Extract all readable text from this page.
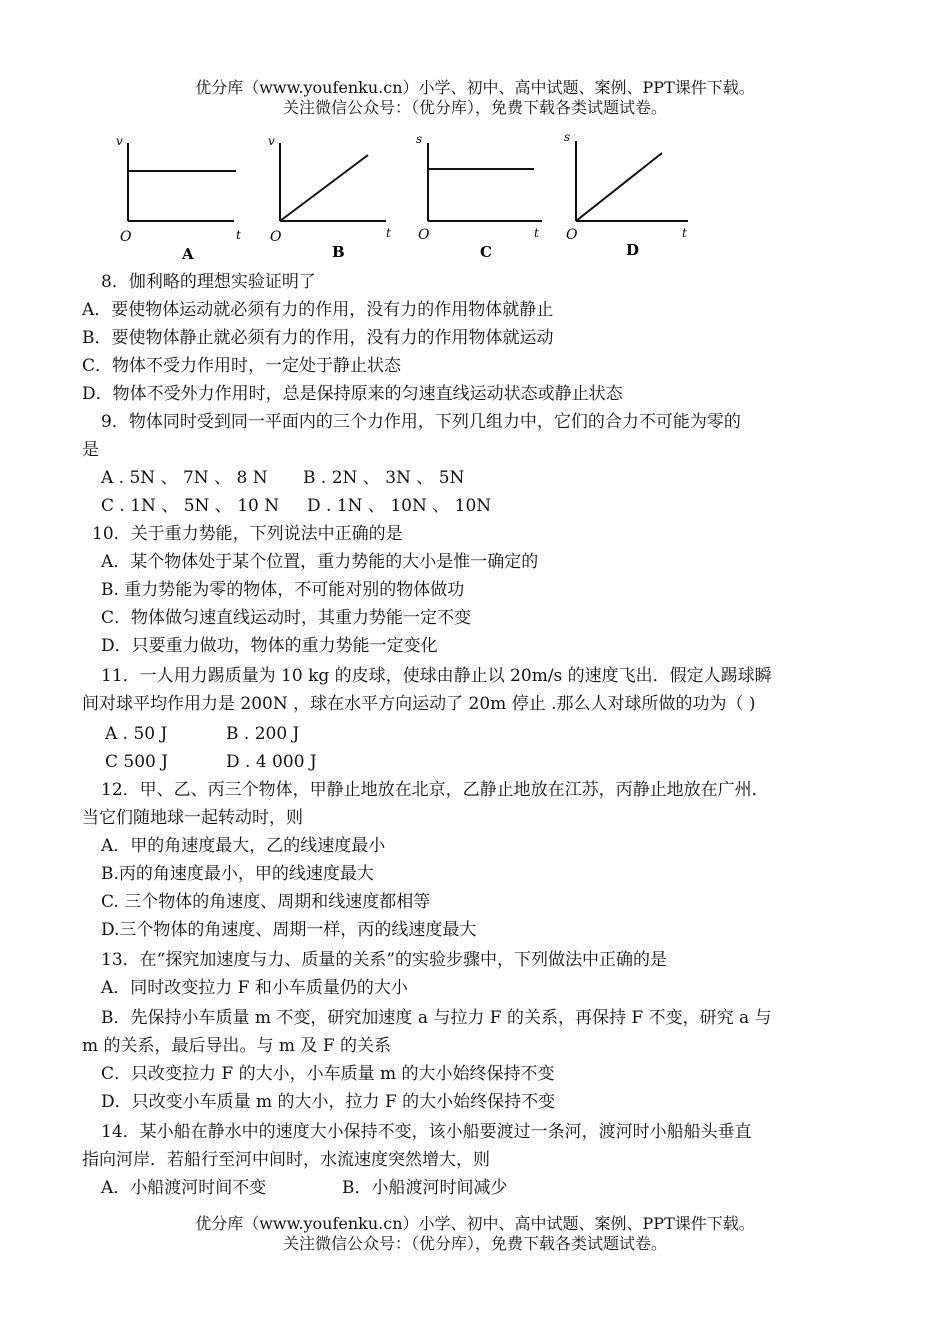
优分库（www.youfenku.cn）小学、初中、高中试题、案例、PPT课件下载。
关注微信公众号：（优分库），免费下载各类试题试卷。
v
t
O
A
v
t
O
B
s
t
O
C
s
t
O
D
8．伽利略的理想实验证明了
A．要使物体运动就必须有力的作用，没有力的作用物体就静止
B．要使物体静止就必须有力的作用，没有力的作用物体就运动
C．物体不受力作用时，一定处于静止状态
D．物体不受外力作用时，总是保持原来的匀速直线运动状态或静止状态
9．物体同时受到同一平面内的三个力作用，下列几组力中，它们的合力不可能为零的
是
A . 5N 、 7N 、 8 N B . 2N 、 3N 、 5N
C . 1N 、 5N 、 10 N D . 1N 、 10N 、 10N
10．关于重力势能，下列说法中正确的是
A．某个物体处于某个位置，重力势能的大小是惟一确定的
B. 重力势能为零的物体，不可能对别的物体做功
C．物体做匀速直线运动时，其重力势能一定不变
D．只要重力做功，物体的重力势能一定变化
11．一人用力踢质量为 10 kg 的皮球，使球由静止以 20m/s 的速度飞出．假定人踢球瞬
间对球平均作用力是 200N ，球在水平方向运动了 20m 停止 .那么人对球所做的功为（ )
A . 50 J	B . 200 J
C 500 J	D . 4 000 J
12．甲、乙、丙三个物体，甲静止地放在北京，乙静止地放在江苏，丙静止地放在广州．
当它们随地球一起转动时，则
A．甲的角速度最大，乙的线速度最小
B.丙的角速度最小，甲的线速度最大
C. 三个物体的角速度、周期和线速度都相等
D.三个物体的角速度、周期一样，丙的线速度最大
13．在“探究加速度与力、质量的关系”的实验步骤中，下列做法中正确的是
A．同时改变拉力 F 和小车质量仍的大小
B．先保持小车质量 m 不变，研究加速度 a 与拉力 F 的关系，再保持 F 不变，研究 a 与
m 的关系，最后导出。与 m 及 F 的关系
C．只改变拉力 F 的大小，小车质量 m 的大小始终保持不变
D．只改变小车质量 m 的大小，拉力 F 的大小始终保持不变
14．某小船在静水中的速度大小保持不变，该小船要渡过一条河，渡河时小船船头垂直
指向河岸．若船行至河中间时，水流速度突然增大，则
A．小船渡河时间不变	B．小船渡河时间减少
优分库（www.youfenku.cn）小学、初中、高中试题、案例、PPT课件下载。
关注微信公众号：（优分库），免费下载各类试题试卷。
